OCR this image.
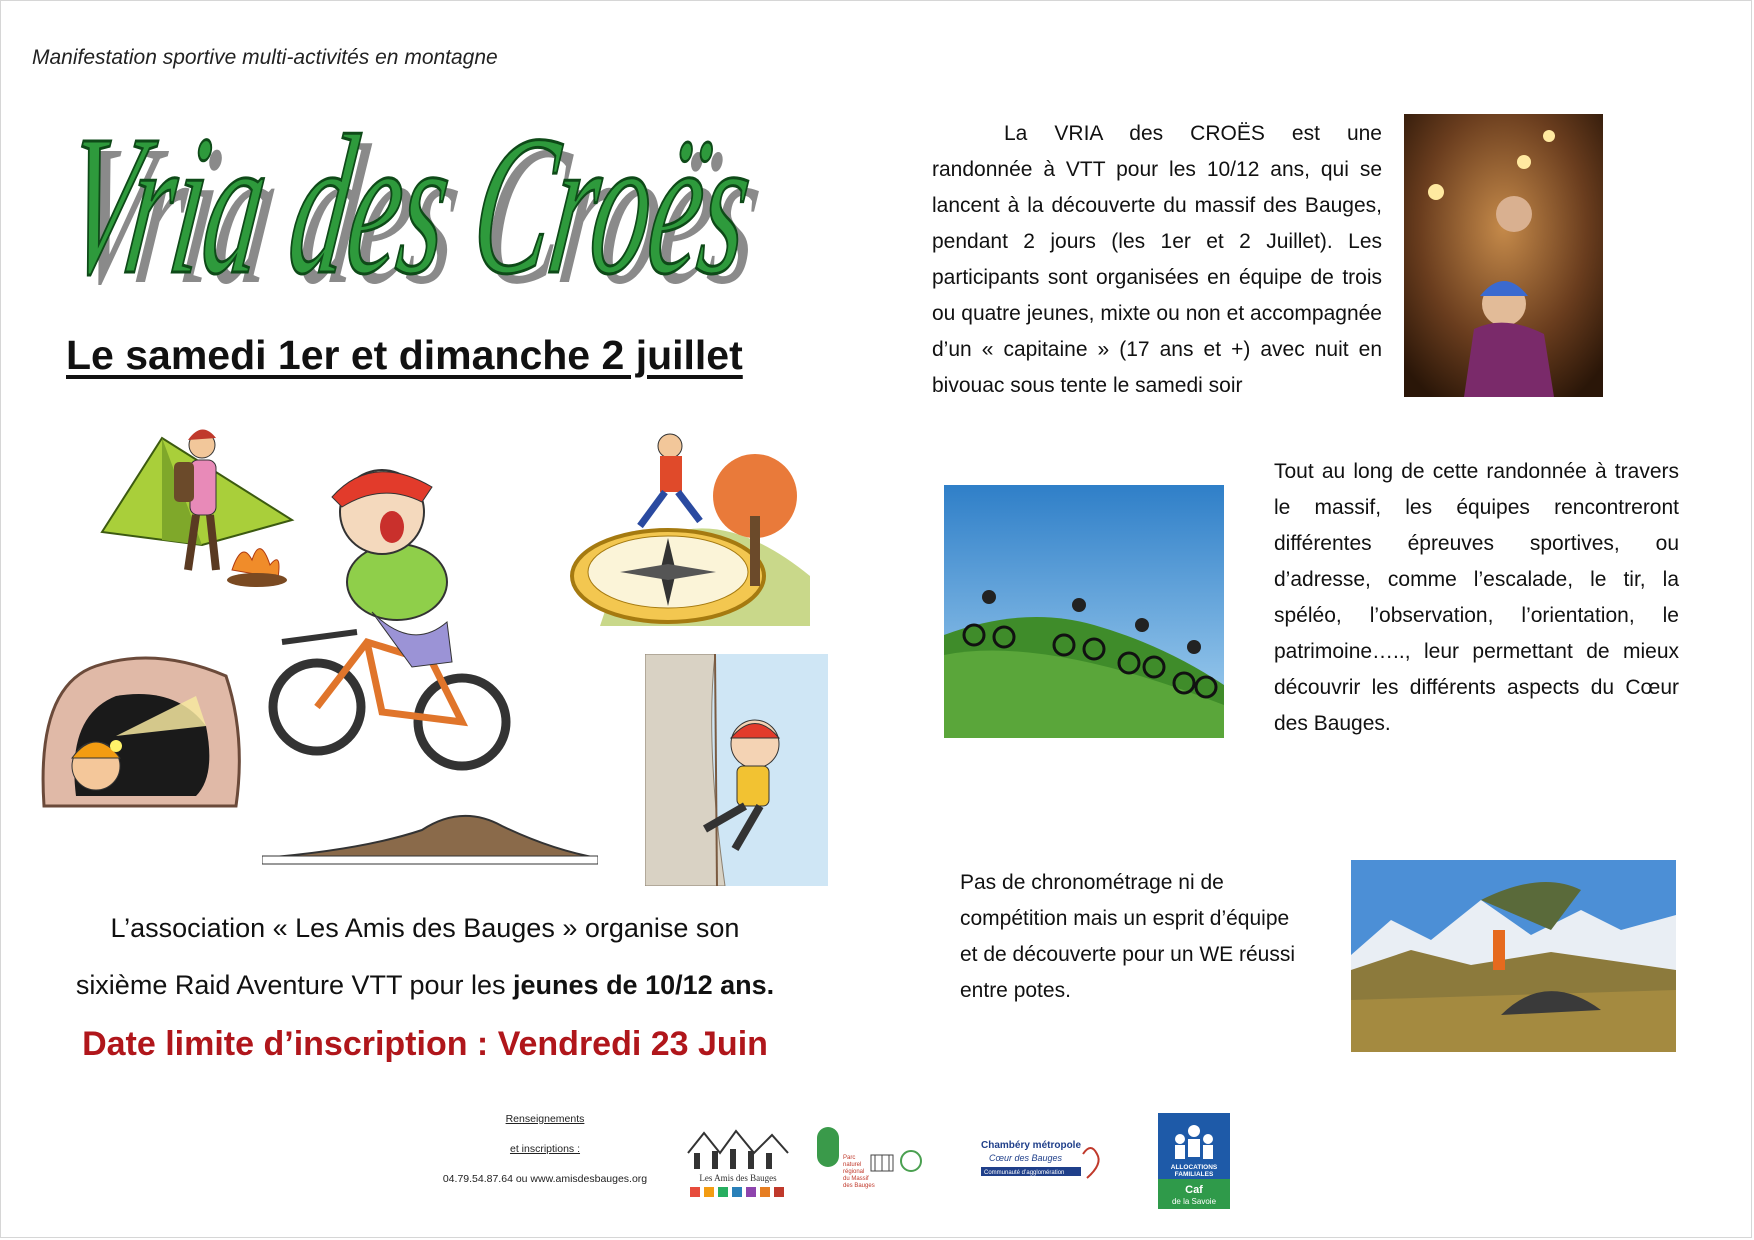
Manifestation sportive multi-activités en montagne
Vria des Croës
Vria des Croës
Le samedi 1er et dimanche 2 juillet
La VRIA des CROËS est une randonnée à VTT pour les 10/12 ans, qui se lancent à la découverte du massif des Bauges, pendant 2 jours (les 1er et 2 Juillet). Les participants sont organisées en équipe de trois ou quatre jeunes, mixte ou non et accompagnée d’un « capitaine » (17 ans et +) avec nuit en bivouac sous tente le samedi soir
Tout au long de cette randonnée à travers le massif, les équipes rencontreront différentes épreuves sportives, ou d’adresse, comme l’escalade, le tir, la spéléo, l’observation, l’orientation, le patrimoine….., leur permettant de mieux découvrir les différents aspects du Cœur des Bauges.
Pas de chronométrage ni de compétition mais un esprit d’équipe et de découverte pour un WE réussi entre potes.
L’association « Les Amis des Bauges » organise son
sixième Raid Aventure VTT pour les jeunes de 10/12 ans.
Date limite d’inscription : Vendredi 23 Juin
Renseignements
et inscriptions :
04.79.54.87.64 ou www.amisdesbauges.org	Les Amis des Bauges
Parc
naturel
régional
du Massif
des Bauges
Chambéry métropole
Cœur des Bauges
Communauté d’agglomération
ALLOCATIONS
FAMILIALES
Caf
de la Savoie
